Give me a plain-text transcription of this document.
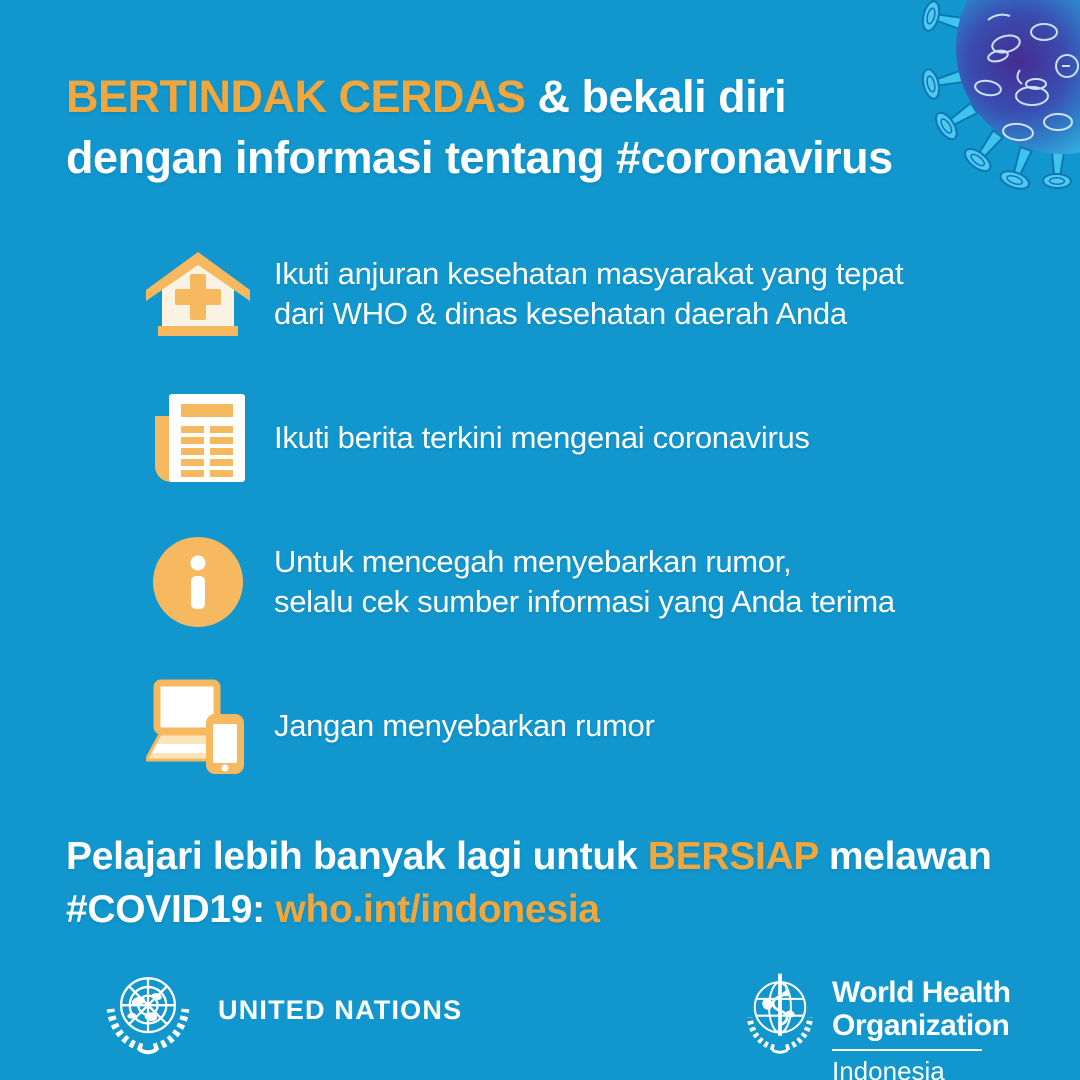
BERTINDAK CERDAS & bekali diri
dengan informasi tentang #coronavirus
Ikuti anjuran kesehatan masyarakat yang tepat
dari WHO & dinas kesehatan daerah Anda
Ikuti berita terkini mengenai coronavirus
Untuk mencegah menyebarkan rumor,
selalu cek sumber informasi yang Anda terima
Jangan menyebarkan rumor
Pelajari lebih banyak lagi untuk BERSIAP melawan
#COVID19: who.int/indonesia
UNITED NATIONS
World Health
Organization
Indonesia
